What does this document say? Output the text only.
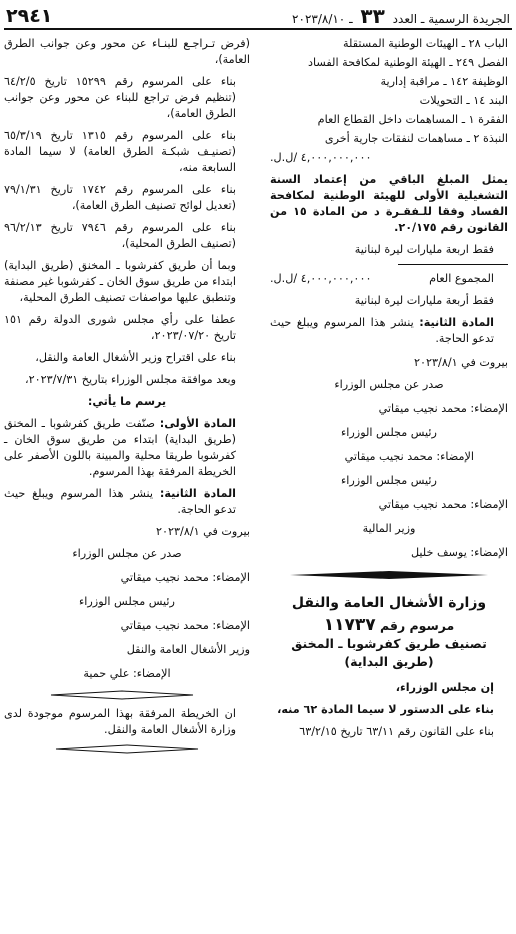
الجريدة الرسمية ـ العدد ٣٣ ـ ٢٠٢٣/٨/١٠
٢٩٤١
الباب ٢٨ ـ الهيئات الوطنية المستقلة
الفصل ٢٤٩ ـ الهيئة الوطنية لمكافحة الفساد
الوظيفة ١٤٢ ـ مراقبة إدارية
البند ١٤ ـ التحويلات
الفقرة ١ ـ المساهمات داخل القطاع العام
النبذة ٢ ـ مساهمات لنفقات جارية أخرى
٤,٠٠٠,٠٠٠,٠٠٠ /ل.ل.
يمثل المبلغ الباقي من إعتماد السنة التشغيلية الأولى للهيئة الوطنية لمكافحة الفساد وفقا للـفقـرة د من المادة ١٥ من القانون رقم ٢٠/١٧٥.
فقط اربعة مليارات ليرة لبنانية
المجموع العام
٤,٠٠٠,٠٠٠,٠٠٠ /ل.ل.
فقط أربعة مليارات ليرة لبنانية
المادة الثانية: ينشر هذا المرسوم ويبلغ حيث تدعو الحاجة.
بيروت في ٢٠٢٣/٨/١
صدر عن مجلس الوزراء
الإمضاء: محمد نجيب ميقاتي
رئيس مجلس الوزراء
الإمضاء: محمد نجيب ميقاتي
رئيس مجلس الوزراء
الإمضاء: محمد نجيب ميقاتي
وزير المالية
الإمضاء: يوسف خليل
وزارة الأشغال العامة والنقل
مرسوم رقم ١١٧٣٧
تصنيف طريق كفرشوبا ـ المخنق
(طريق البداية)
إن مجلس الوزراء،
بناء على الدستور لا سيما المادة ٦٢ منه،
بناء على القانون رقم ٦٣/١١ تاريخ ٦٣/٢/١٥
(فرض تـراجـع للبنـاء عن محور وعن جوانب الطرق العامة)،
بناء على المرسوم رقم ١٥٢٩٩ تاريخ ٦٤/٢/٥ (تنظيم فرض تراجع للبناء عن محور وعن جوانب الطرق العامة)،
بناء على المرسوم رقم ١٣١٥ تاريخ ٦٥/٣/١٩ (تصنيـف شبكـة الطرق العامة) لا سيما المادة السابعة منه،
بناء على المرسوم رقم ١٧٤٢ تاريخ ٧٩/١/٣١ (تعديل لوائح تصنيف الطرق العامة)،
بناء على المرسوم رقم ٧٩٤٦ تاريخ ٩٦/٢/١٣ (تصنيف الطرق المحلية)،
وبما أن طريق كفرشوبا ـ المخنق (طريق البداية) ابتداء من طريق سوق الخان ـ كفرشوبا غير مصنفة وتنطبق عليها مواصفات تصنيف الطرق المحلية،
عطفا على رأي مجلس شورى الدولة رقم ١٥١ تاريخ ٢٠٢٣/٠٧/٢٠،
بناء على اقتراح وزير الأشغال العامة والنقل،
وبعد موافقة مجلس الوزراء بتاريخ ٢٠٢٣/٧/٣١،
يرسم ما يأتي:
المادة الأولى: صنّفت طريق كفرشوبا ـ المخنق (طريق البداية) ابتداء من طريق سوق الخان ـ كفرشوبا طريقا محلية والمبينة باللون الأصفر على الخريطة المرفقة بهذا المرسوم.
المادة الثانية: ينشر هذا المرسوم ويبلغ حيث تدعو الحاجة.
بيروت في ٢٠٢٣/٨/١
صدر عن مجلس الوزراء
الإمضاء: محمد نجيب ميقاتي
رئيس مجلس الوزراء
الإمضاء: محمد نجيب ميقاتي
وزير الأشغال العامة والنقل
الإمضاء: علي حمية
ان الخريطة المرفقة بهذا المرسوم موجودة لدى وزارة الأشغال العامة والنقل.
